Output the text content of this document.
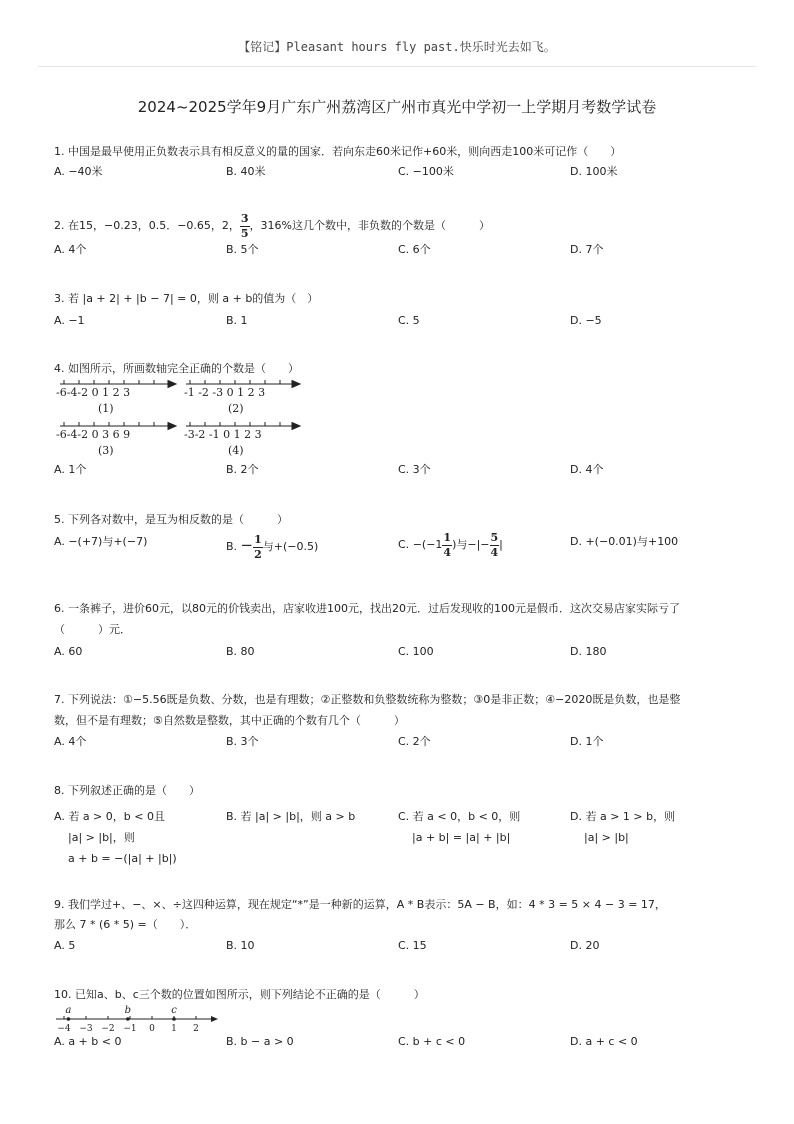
【铭记】Pleasant hours fly past.快乐时光去如飞。
2024~2025学年9月广东广州荔湾区广州市真光中学初一上学期月考数学试卷
1. 中国是最早使用正负数表示具有相反意义的量的国家．若向东走60米记作+60米，则向西走100米可记作（　　）
A. −40米	B. 40米	C. −100米	D. 100米
2. 在15，−0.23，0.5．−0.65，2， $\frac{3}{5}$ ，316%这几个数中，非负数的个数是（　　　）
A. 4个	B. 5个	C. 6个	D. 7个
3. 若 |a + 2| + |b − 7| = 0，则 a + b的值为（　）
A. −1	B. 1	C. 5	D. −5
4. 如图所示，所画数轴完全正确的个数是（　　）
-6-4-2 0 1 2 3
(1)
-1 -2 -3 0 1 2 3
(2)
-6-4-2 0 3 6 9
(3)
-3-2 -1 0 1 2 3
(4)
A. 1个	B. 2个	C. 3个	D. 4个
5. 下列各对数中，是互为相反数的是（　　　）
A. −(+7)与+(−7)	B. − $\frac{1}{2}$ 与+(−0.5)	C. $-(-1 \frac{1}{4}$ )与−|− $\frac{5}{4}$ |	D. +(−0.01)与+100
6. 一条裤子，进价60元，以80元的价钱卖出，店家收进100元，找出20元．过后发现收的100元是假币．这次交易店家实际亏了
（　　　）元．
A. 60	B. 80	C. 100	D. 180
7. 下列说法：①−5.56既是负数、分数，也是有理数；②正整数和负整数统称为整数；③0是非正数；④−2020既是负数，也是整
数，但不是有理数；⑤自然数是整数，其中正确的个数有几个（　　　）
A. 4个	B. 3个	C. 2个	D. 1个
8. 下列叙述正确的是（　　）
A. 若 a > 0，b < 0且
|a| > |b|，则
a + b = −(|a| + |b|)
B. 若 |a| > |b|，则 a > b	C. 若 a < 0，b < 0，则
|a + b| = |a| + |b|
D. 若 a > 1 > b，则
|a| > |b|
9. 我们学过+、−、×、÷这四种运算，现在规定“*”是一种新的运算，A * B表示：5A − B，如：4 * 3 = 5 × 4 − 3 = 17，
那么 7 * (6 * 5) =（　　）．
A. 5	B. 10	C. 15	D. 20
10. 已知a、b、c三个数的位置如图所示，则下列结论不正确的是（　　　）
−4 −3 −2 −1 0 1 2
a	b	c
A. a + b < 0	B. b − a > 0	C. b + c < 0	D. a + c < 0
